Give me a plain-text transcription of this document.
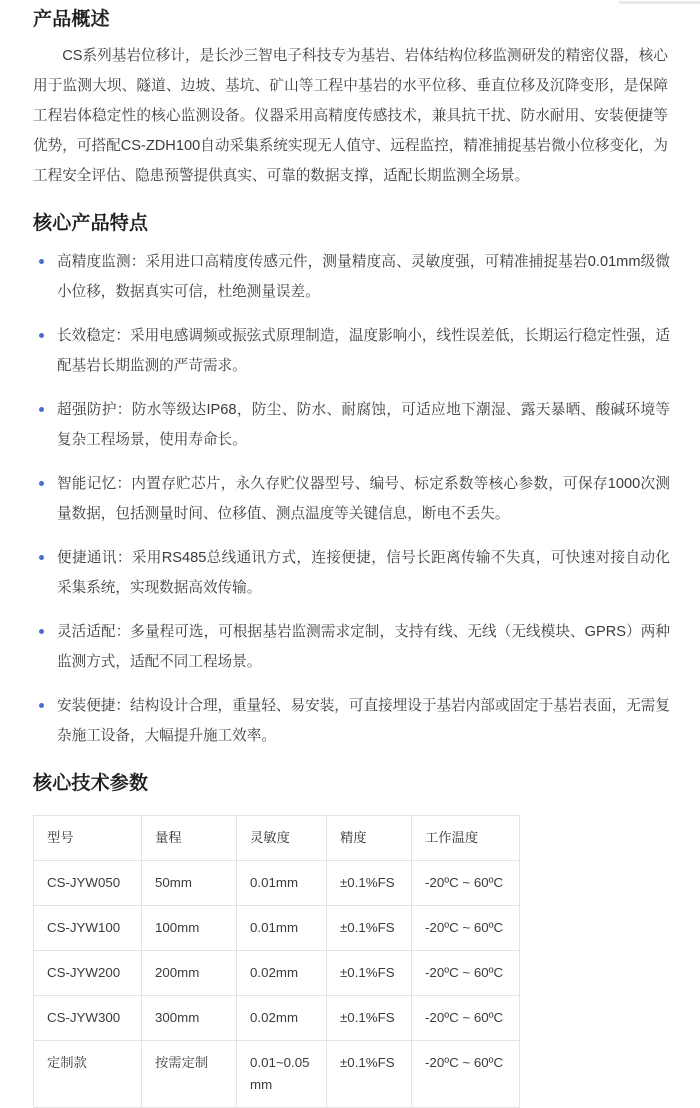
产品概述

CS系列基岩位移计，是长沙三智电子科技专为基岩、岩体结构位移监测研发的精密仪器，核心用于监测大坝、隧道、边坡、基坑、矿山等工程中基岩的水平位移、垂直位移及沉降变形，是保障工程岩体稳定性的核心监测设备。仪器采用高精度传感技术，兼具抗干扰、防水耐用、安装便捷等优势，可搭配CS-ZDH100自动采集系统实现无人值守、远程监控，精准捕捉基岩微小位移变化，为工程安全评估、隐患预警提供真实、可靠的数据支撑，适配长期监测全场景。

核心产品特点
高精度监测：采用进口高精度传感元件，测量精度高、灵敏度强，可精准捕捉基岩0.01mm级微小位移，数据真实可信，杜绝测量误差。
长效稳定：采用电感调频或振弦式原理制造，温度影响小，线性误差低，长期运行稳定性强，适配基岩长期监测的严苛需求。
超强防护：防水等级达IP68，防尘、防水、耐腐蚀，可适应地下潮湿、露天暴晒、酸碱环境等复杂工程场景，使用寿命长。
智能记忆：内置存贮芯片，永久存贮仪器型号、编号、标定系数等核心参数，可保存1000次测量数据，包括测量时间、位移值、测点温度等关键信息，断电不丢失。
便捷通讯：采用RS485总线通讯方式，连接便捷，信号长距离传输不失真，可快速对接自动化采集系统，实现数据高效传输。
灵活适配：多量程可选，可根据基岩监测需求定制，支持有线、无线（无线模块、GPRS）两种监测方式，适配不同工程场景。
安装便捷：结构设计合理，重量轻、易安装，可直接埋设于基岩内部或固定于基岩表面，无需复杂施工设备，大幅提升施工效率。
核心技术参数
型号	量程	灵敏度	精度	工作温度
CS-JYW050	50mm	0.01mm	±0.1%FS	-20ºC ~ 60ºC
CS-JYW100	100mm	0.01mm	±0.1%FS	-20ºC ~ 60ºC
CS-JYW200	200mm	0.02mm	±0.1%FS	-20ºC ~ 60ºC
CS-JYW300	300mm	0.02mm	±0.1%FS	-20ºC ~ 60ºC
定制款	按需定制	0.01~0.05mm	±0.1%FS	-20ºC ~ 60ºC
